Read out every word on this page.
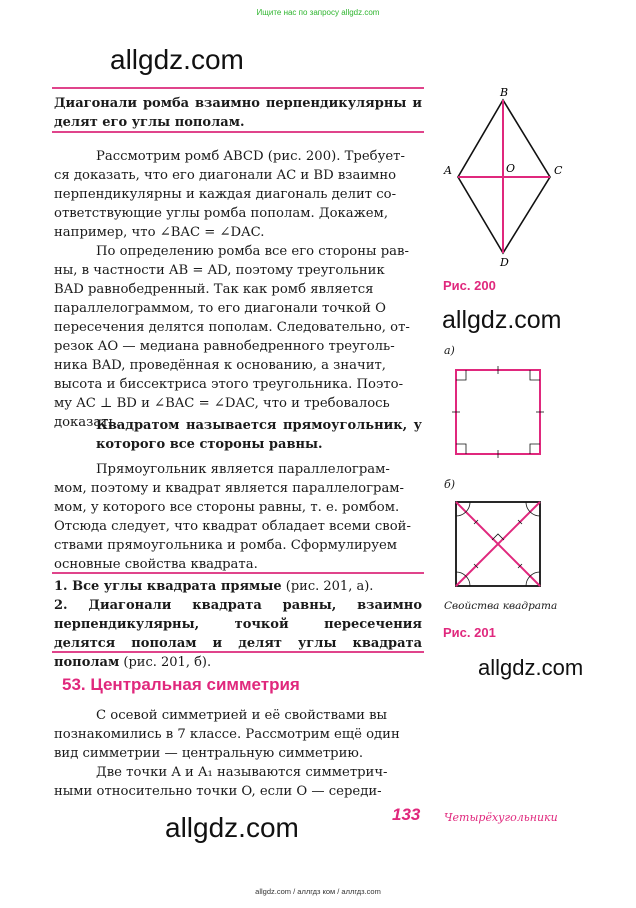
Ищите нас по запросу allgdz.com
allgdz.com
allgdz.com
allgdz.com
allgdz.com
Диагонали ромба взаимно перпендикулярны и делят его углы пополам.
Рассмотрим ромб ABCD (рис. 200). Требует-
ся доказать, что его диагонали AC и BD взаимно
перпендикулярны и каждая диагональ делит со-
ответствующие углы ромба пополам. Докажем,
например, что ∠BAC = ∠DAC.
По определению ромба все его стороны рав-
ны, в частности AB = AD, поэтому треугольник
BAD равнобедренный. Так как ромб является
параллелограммом, то его диагонали точкой O
пересечения делятся пополам. Следовательно, от-
резок AO — медиана равнобедренного треуголь-
ника BAD, проведённая к основанию, а значит,
высота и биссектриса этого треугольника. Поэто-
му AC ⊥ BD и ∠BAC = ∠DAC, что и требовалось
доказать.
Квадратом называется прямоугольник, у которого все стороны равны.
Прямоугольник является параллелограм-
мом, поэтому и квадрат является параллелограм-
мом, у которого все стороны равны, т. е. ромбом.
Отсюда следует, что квадрат обладает всеми свой-
ствами прямоугольника и ромба. Сформулируем
основные свойства квадрата.
1. Все углы квадрата прямые (рис. 201, а).
2. Диагонали квадрата равны, взаимно перпендикулярны, точкой пересечения делятся пополам и делят углы квадрата пополам (рис. 201, б).
53. Центральная симметрия
С осевой симметрией и её свойствами вы
познакомились в 7 классе. Рассмотрим ещё один
вид симметрии — центральную симметрию.
Две точки A и A₁ называются симметрич-
ными относительно точки O, если O — середи-
B
A	C
D
O
Рис. 200
а)
б)
Свойства квадрата
Рис. 201
133 Четырёхугольники
allgdz.com / аллгдз ком / аллгдз.com
